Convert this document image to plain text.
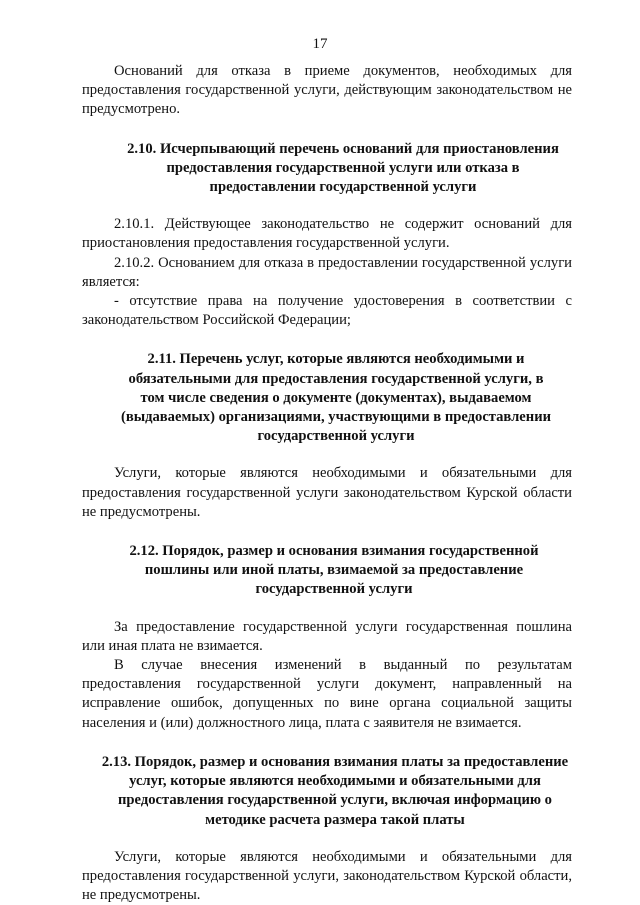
17

Оснований для отказа в приеме документов, необходимых для предоставления государственной услуги, действующим законодательством не предусмотрено.

2.10. Исчерпывающий перечень оснований для приостановления предоставления государственной услуги или отказа в предоставлении государственной услуги

2.10.1. Действующее законодательство не содержит оснований для приостановления предоставления государственной услуги.

2.10.2. Основанием для отказа в предоставлении государственной услуги является:

- отсутствие права на получение удостоверения в соответствии с законодательством Российской Федерации;

2.11. Перечень услуг, которые являются необходимыми и обязательными для предоставления государственной услуги, в том числе сведения о документе (документах), выдаваемом (выдаваемых) организациями, участвующими в предоставлении государственной услуги

Услуги, которые являются необходимыми и обязательными для предоставления государственной услуги законодательством Курской области не предусмотрены.

2.12. Порядок, размер и основания взимания государственной пошлины или иной платы, взимаемой за предоставление государственной услуги

За предоставление государственной услуги государственная пошлина или иная плата не взимается.

В случае внесения изменений в выданный по результатам предоставления государственной услуги документ, направленный на исправление ошибок, допущенных по вине органа социальной защиты населения и (или) должностного лица, плата с заявителя не взимается.

2.13. Порядок, размер и основания взимания платы за предоставление услуг, которые являются необходимыми и обязательными для предоставления государственной услуги, включая информацию о методике расчета размера такой платы

Услуги, которые являются необходимыми и обязательными для предоставления государственной услуги, законодательством Курской области, не предусмотрены.
